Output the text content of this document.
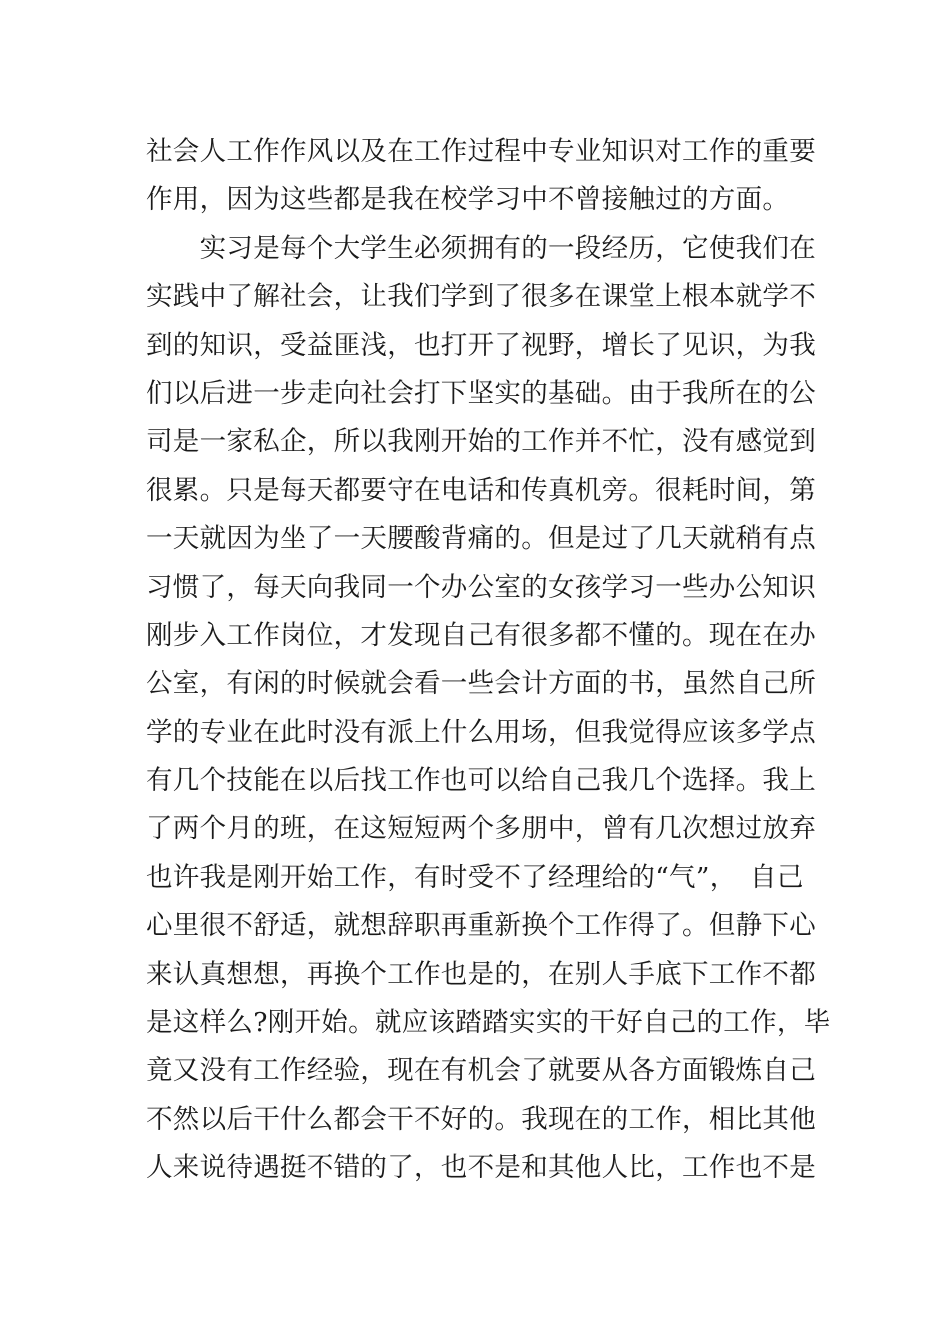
社会人工作作风以及在工作过程中专业知识对工作的重要
作用，因为这些都是我在校学习中不曾接触过的方面。
　　实习是每个大学生必须拥有的一段经历，它使我们在
实践中了解社会，让我们学到了很多在课堂上根本就学不
到的知识，受益匪浅，也打开了视野，增长了见识，为我
们以后进一步走向社会打下坚实的基础。由于我所在的公
司是一家私企，所以我刚开始的工作并不忙，没有感觉到
很累。只是每天都要守在电话和传真机旁。很耗时间，第
一天就因为坐了一天腰酸背痛的。但是过了几天就稍有点
习惯了，每天向我同一个办公室的女孩学习一些办公知识
刚步入工作岗位，才发现自己有很多都不懂的。现在在办
公室，有闲的时候就会看一些会计方面的书，虽然自己所
学的专业在此时没有派上什么用场，但我觉得应该多学点
有几个技能在以后找工作也可以给自己我几个选择。我上
了两个月的班，在这短短两个多朋中，曾有几次想过放弃
也许我是刚开始工作，有时受不了经理给的“气”，　自己
心里很不舒适，就想辞职再重新换个工作得了。但静下心
来认真想想，再换个工作也是的，在别人手底下工作不都
是这样么?刚开始。就应该踏踏实实的干好自己的工作，毕
竟又没有工作经验，现在有机会了就要从各方面锻炼自己
不然以后干什么都会干不好的。我现在的工作，相比其他
人来说待遇挺不错的了，也不是和其他人比，工作也不是
